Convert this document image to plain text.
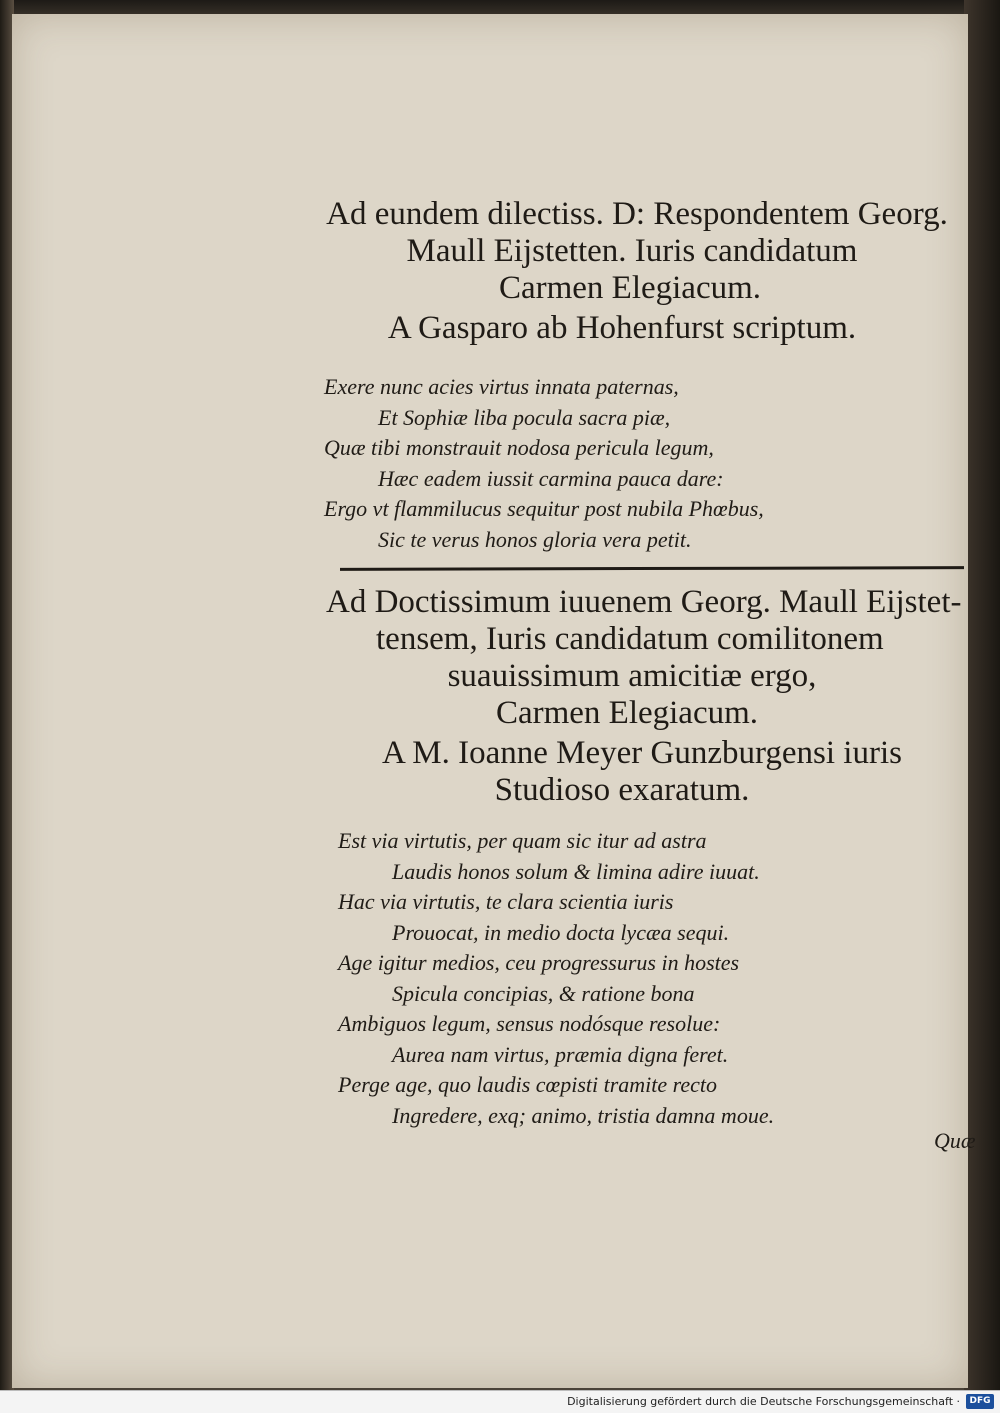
Ad eundem dilectiss. D: Respondentem Georg.
Maull Eijstetten. Iuris candidatum
Carmen Elegiacum.
A Gasparo ab Hohenfurst scriptum.
Exere nunc acies virtus innata paternas,
Et Sophiæ liba pocula sacra piæ,
Quæ tibi monstrauit nodosa pericula legum,
Hæc eadem iussit carmina pauca dare:
Ergo vt flammilucus sequitur post nubila Phœbus,
Sic te verus honos gloria vera petit.
Ad Doctissimum iuuenem Georg. Maull Eijstet-
tensem, Iuris candidatum comilitonem
suauissimum amicitiæ ergo,
Carmen Elegiacum.
A M. Ioanne Meyer Gunzburgensi iuris
Studioso exaratum.
Est via virtutis, per quam sic itur ad astra
Laudis honos solum & limina adire iuuat.
Hac via virtutis, te clara scientia iuris
Prouocat, in medio docta lycæa sequi.
Age igitur medios, ceu progressurus in hostes
Spicula concipias, & ratione bona
Ambiguos legum, sensus nodósque resolue:
Aurea nam virtus, præmia digna feret.
Perge age, quo laudis cœpisti tramite recto
Ingredere, exq; animo, tristia damna moue.
Quæ
Digitalisierung gefördert durch die Deutsche Forschungsgemeinschaft ·	DFG
